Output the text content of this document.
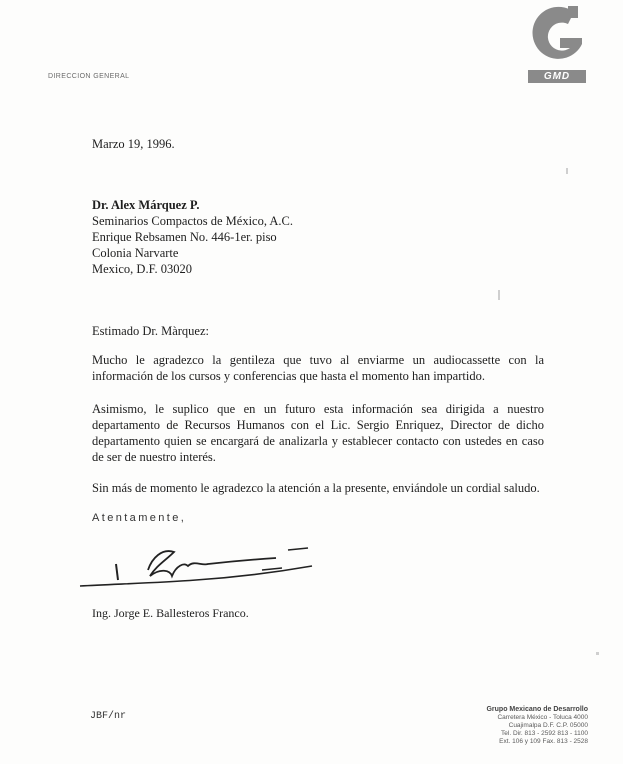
DIRECCION GENERAL	GMD
Marzo 19, 1996.
Dr. Alex Márquez P.
Seminarios Compactos de México, A.C.
Enrique Rebsamen No. 446-1er. piso
Colonia Narvarte
Mexico, D.F. 03020
Estimado Dr. Màrquez:
Mucho le agradezco la gentileza que tuvo al enviarme un audiocassette con la información de los cursos y conferencias que hasta el momento han impartido.
Asimismo, le suplico que en un futuro esta información sea dirigida a nuestro departamento de Recursos Humanos con el Lic. Sergio Enriquez, Director de dicho departamento quien se encargará de analizarla y establecer contacto con ustedes en caso de ser de nuestro interés.
Sin más de momento le agradezco la atención a la presente, enviándole un cordial saludo.
Atentamente,
Ing. Jorge E. Ballesteros Franco.
JBF/nr
Grupo Mexicano de Desarrollo
Carretera México - Toluca 4000
Cuajimalpa D.F. C.P. 05000
Tel. Dir. 813 - 2592 813 - 1100
Ext. 106 y 109 Fax. 813 - 2528
